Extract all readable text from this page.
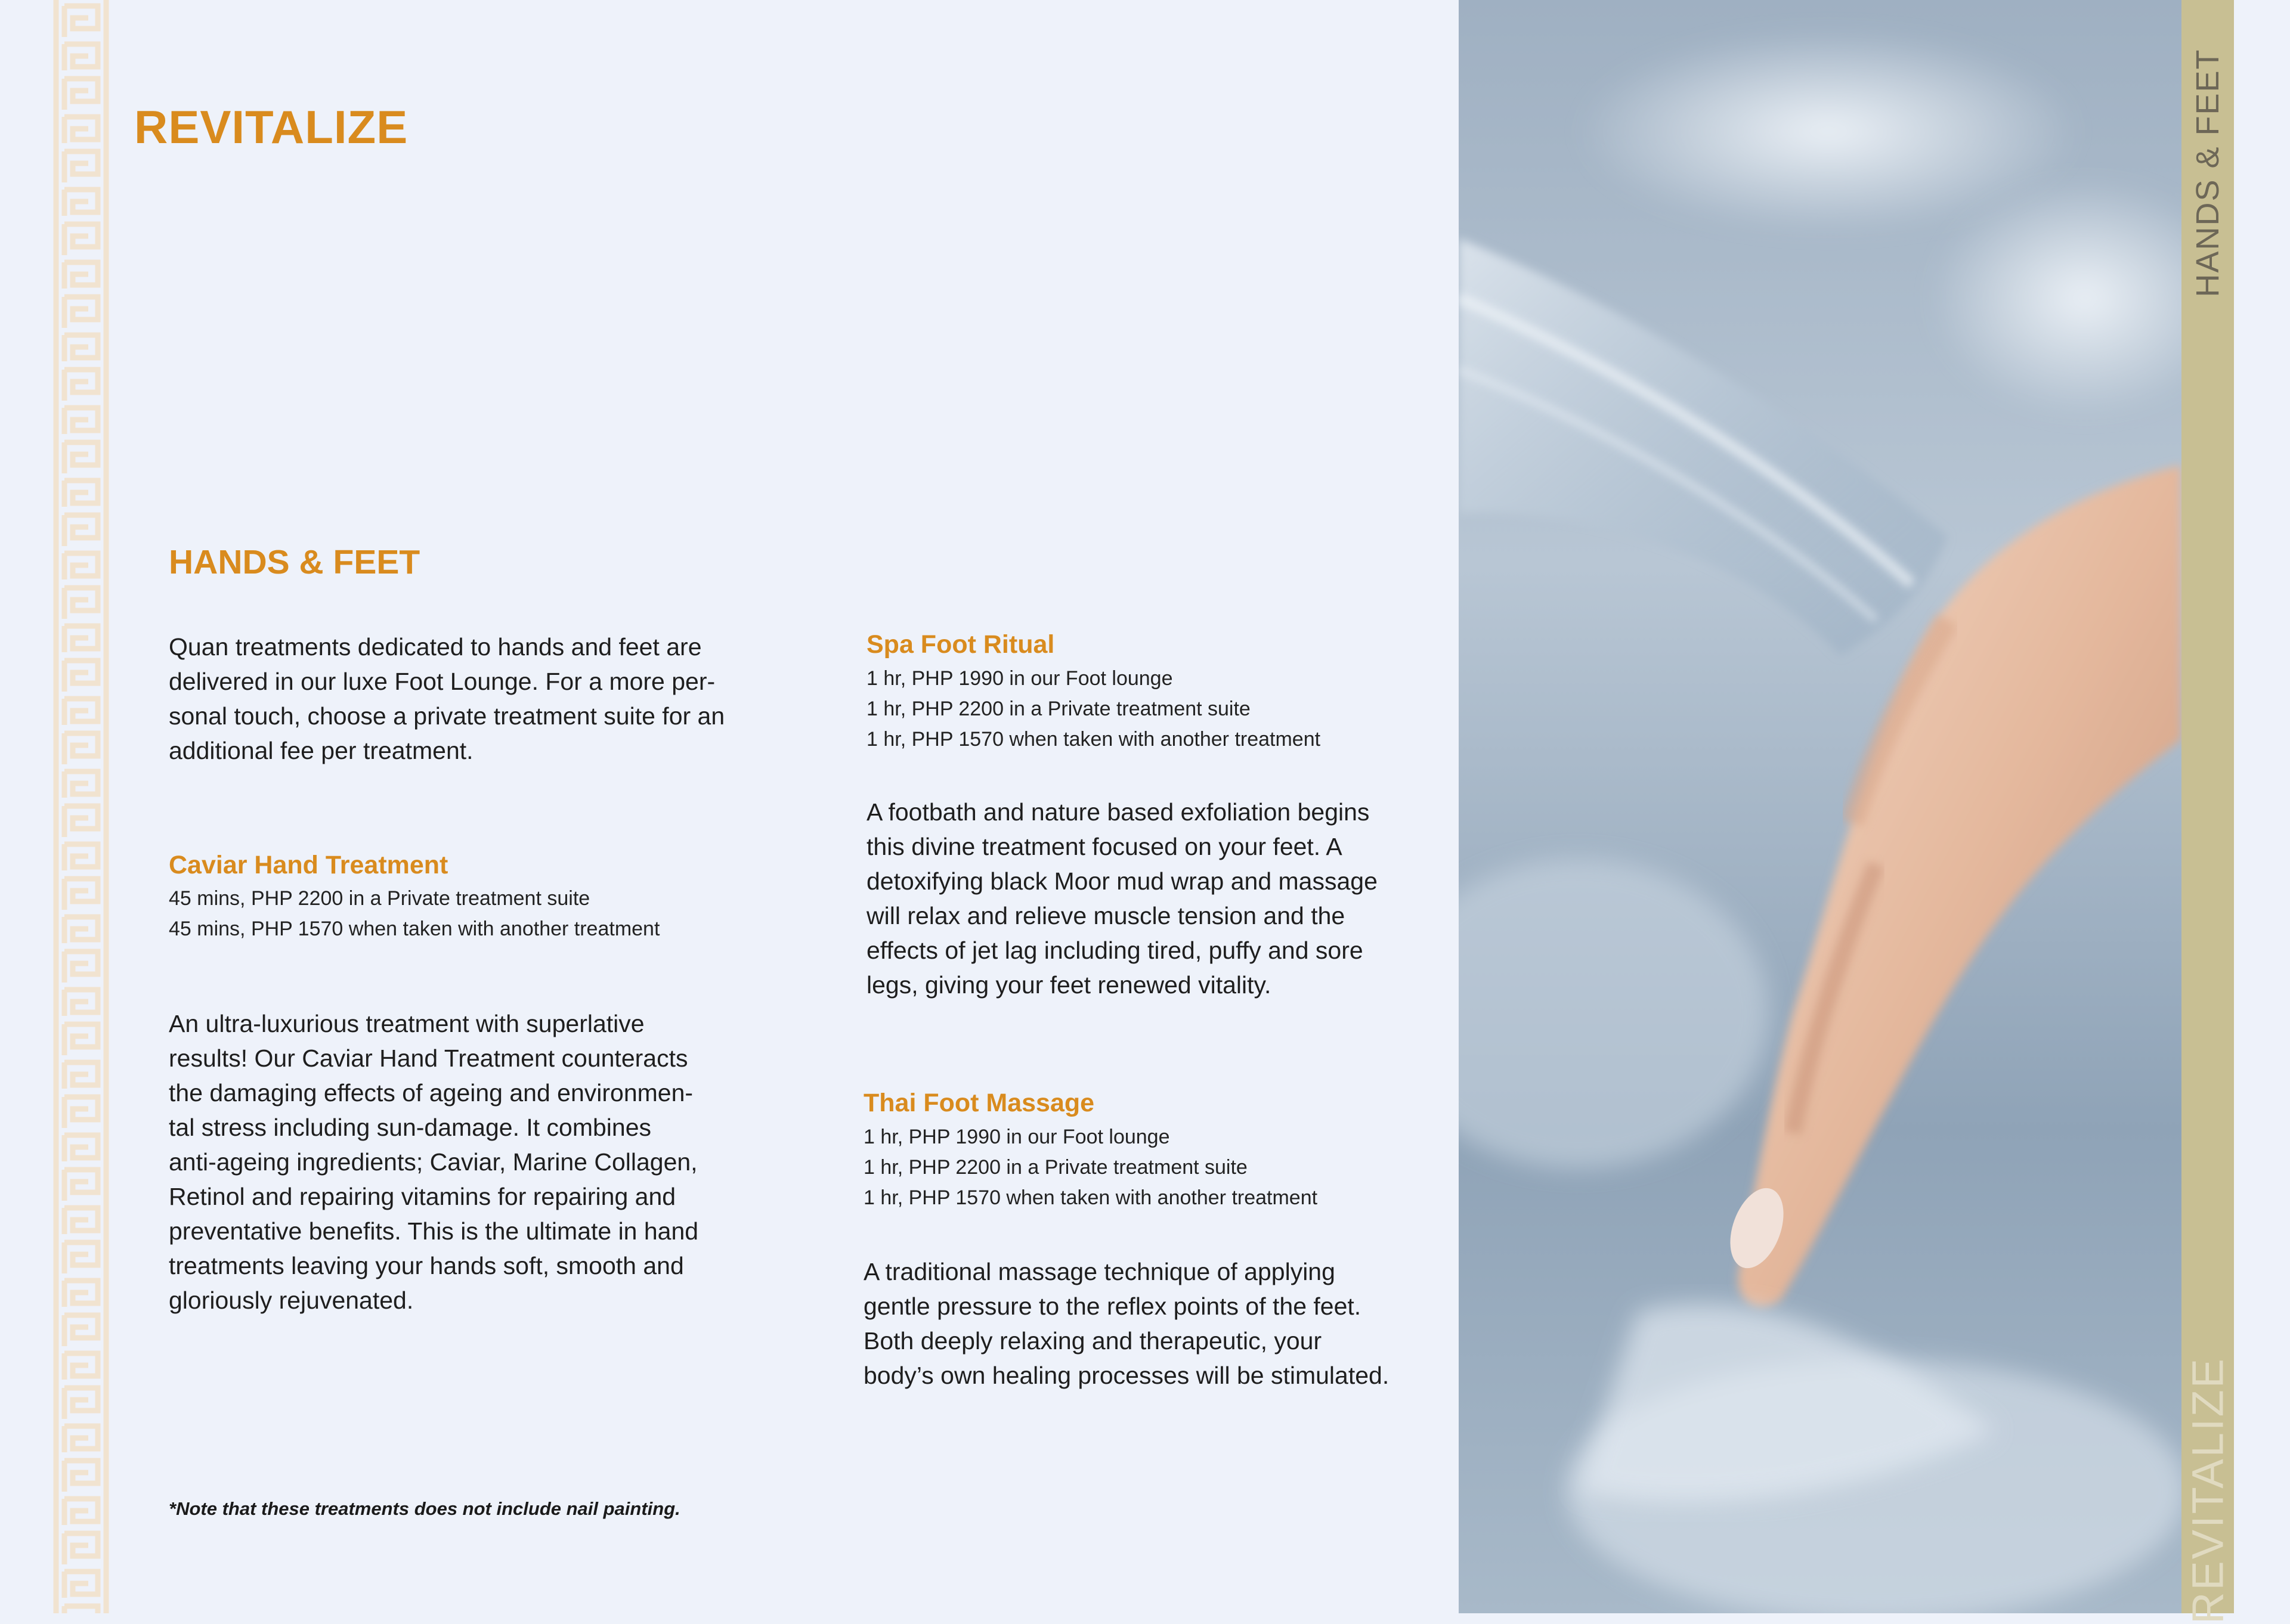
REVITALIZE
HANDS & FEET

Quan treatments dedicated to hands and feet are
delivered in our luxe Foot Lounge. For a more per-
sonal touch, choose a private treatment suite for an
additional fee per treatment.

Caviar Hand Treatment
45 mins, PHP 2200 in a Private treatment suite
45 mins, PHP 1570 when taken with another treatment

An ultra-luxurious treatment with superlative
results! Our Caviar Hand Treatment counteracts
the damaging effects of ageing and environmen-
tal stress including sun-damage. It combines
anti-ageing ingredients; Caviar, Marine Collagen,
Retinol and repairing vitamins for repairing and
preventative benefits. This is the ultimate in hand
treatments leaving your hands soft, smooth and
gloriously rejuvenated.

Spa Foot Ritual
1 hr, PHP 1990 in our Foot lounge
1 hr, PHP 2200 in a Private treatment suite
1 hr, PHP 1570 when taken with another treatment

A footbath and nature based exfoliation begins
this divine treatment focused on your feet. A
detoxifying black Moor mud wrap and massage
will relax and relieve muscle tension and the
effects of jet lag including tired, puffy and sore
legs, giving your feet renewed vitality.

Thai Foot Massage
1 hr, PHP 1990 in our Foot lounge
1 hr, PHP 2200 in a Private treatment suite
1 hr, PHP 1570 when taken with another treatment

A traditional massage technique of applying
gentle pressure to the reflex points of the feet.
Both deeply relaxing and therapeutic, your
body’s own healing processes will be stimulated.

*Note that these treatments does not include nail painting.
HANDS & FEET
REVITALIZE
